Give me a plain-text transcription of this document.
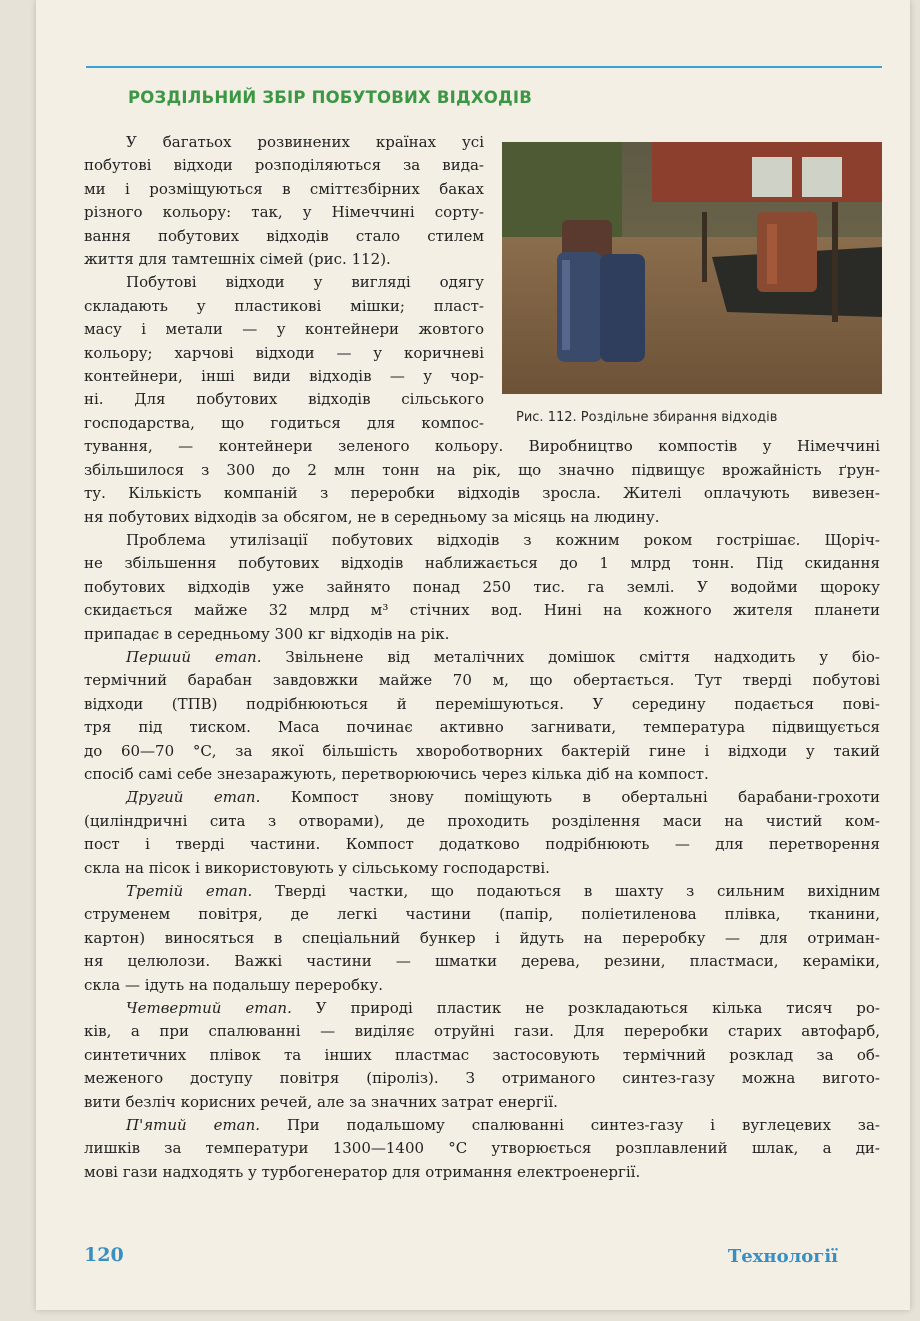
РОЗДІЛЬНИЙ ЗБІР ПОБУТОВИХ ВІДХОДІВ
Рис. 112. Роздільне збирання відходів
У багатьох розвинених країнах усі
побутові відходи розподіляються за вида-
ми і розміщуються в сміттєзбірних баках
різного кольору: так, у Німеччині сорту-
вання побутових відходів стало стилем
життя для тамтешніх сімей (рис. 112).
Побутові відходи у вигляді одягу
складають у пластикові мішки; пласт-
масу і метали — у контейнери жовтого
кольору; харчові відходи — у коричневі
контейнери, інші види відходів — у чор-
ні. Для побутових відходів сільського
господарства, що годиться для компос-
тування, — контейнери зеленого кольору. Виробництво компостів у Німеччині
збільшилося з 300 до 2 млн тонн на рік, що значно підвищує врожайність ґрун-
ту. Кількість компаній з переробки відходів зросла. Жителі оплачують вивезен-
ня побутових відходів за обсягом, не в середньому за місяць на людину.
Проблема утилізації побутових відходів з кожним роком гострішає. Щоріч-
не збільшення побутових відходів наближається до 1 млрд тонн. Під скидання
побутових відходів уже зайнято понад 250 тис. га землі. У водойми щороку
скидається майже 32 млрд м³ стічних вод. Нині на кожного жителя планети
припадає в середньому 300 кг відходів на рік.
Перший етап. Звільнене від металічних домішок сміття надходить у біо-
термічний барабан завдовжки майже 70 м, що обертається. Тут тверді побутові
відходи (ТПВ) подрібнюються й перемішуються. У середину подається пові-
тря під тиском. Маса починає активно загнивати, температура підвищується
до 60—70 °С, за якої більшість хвороботворних бактерій гине і відходи у такий
спосіб самі себе знезаражують, перетворюючись через кілька діб на компост.
Другий етап. Компост знову поміщують в обертальні барабани-грохоти
(циліндричні сита з отворами), де проходить розділення маси на чистий ком-
пост і тверді частини. Компост додатково подрібнюють — для перетворення
скла на пісок і використовують у сільському господарстві.
Третій етап. Тверді частки, що подаються в шахту з сильним вихідним
струменем повітря, де легкі частини (папір, поліетиленова плівка, тканини,
картон) виносяться в спеціальний бункер і йдуть на переробку — для отриман-
ня целюлози. Важкі частини — шматки дерева, резини, пластмаси, кераміки,
скла — ідуть на подальшу переробку.
Четвертий етап. У природі пластик не розкладаються кілька тисяч ро-
ків, а при спалюванні — виділяє отруйні гази. Для переробки старих автофарб,
синтетичних плівок та інших пластмас застосовують термічний розклад за об-
меженого доступу повітря (піроліз). З отриманого синтез-газу можна вигото-
вити безліч корисних речей, але за значних затрат енергії.
П'ятий етап. При подальшому спалюванні синтез-газу і вуглецевих за-
лишків за температури 1300—1400 °С утворюється розплавлений шлак, а ди-
мові гази надходять у турбогенератор для отримання електроенергії.
120	Технології
